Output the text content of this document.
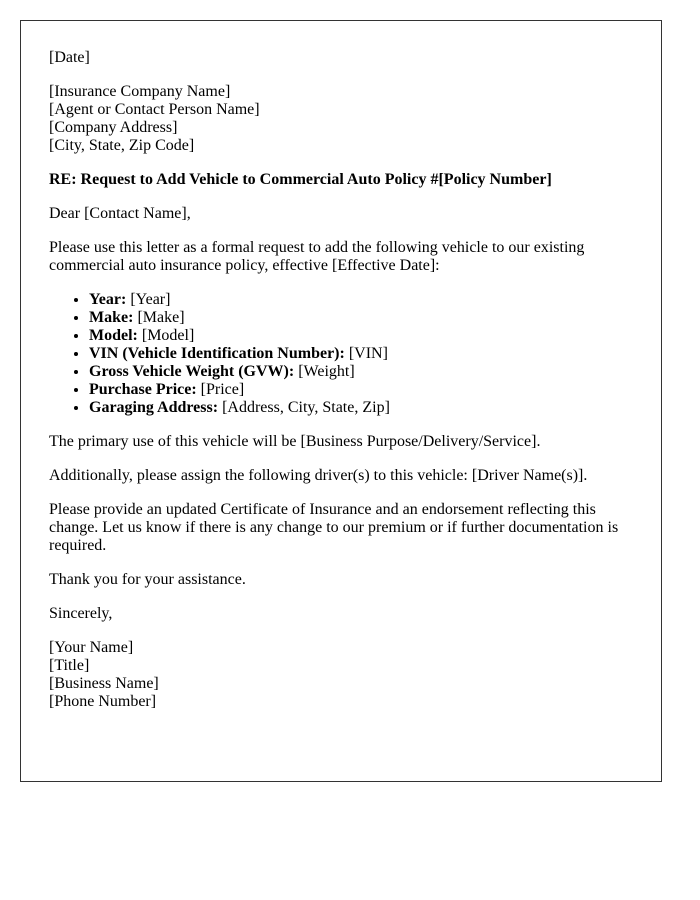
[Date]

[Insurance Company Name]
[Agent or Contact Person Name]
[Company Address]
[City, State, Zip Code]

RE: Request to Add Vehicle to Commercial Auto Policy #[Policy Number]

Dear [Contact Name],

Please use this letter as a formal request to add the following vehicle to our existing commercial auto insurance policy, effective [Effective Date]:

• Year: [Year]
• Make: [Make]
• Model: [Model]
• VIN (Vehicle Identification Number): [VIN]
• Gross Vehicle Weight (GVW): [Weight]
• Purchase Price: [Price]
• Garaging Address: [Address, City, State, Zip]

The primary use of this vehicle will be [Business Purpose/Delivery/Service].

Additionally, please assign the following driver(s) to this vehicle: [Driver Name(s)].

Please provide an updated Certificate of Insurance and an endorsement reflecting this change. Let us know if there is any change to our premium or if further documentation is required.

Thank you for your assistance.

Sincerely,

[Your Name]
[Title]
[Business Name]
[Phone Number]
